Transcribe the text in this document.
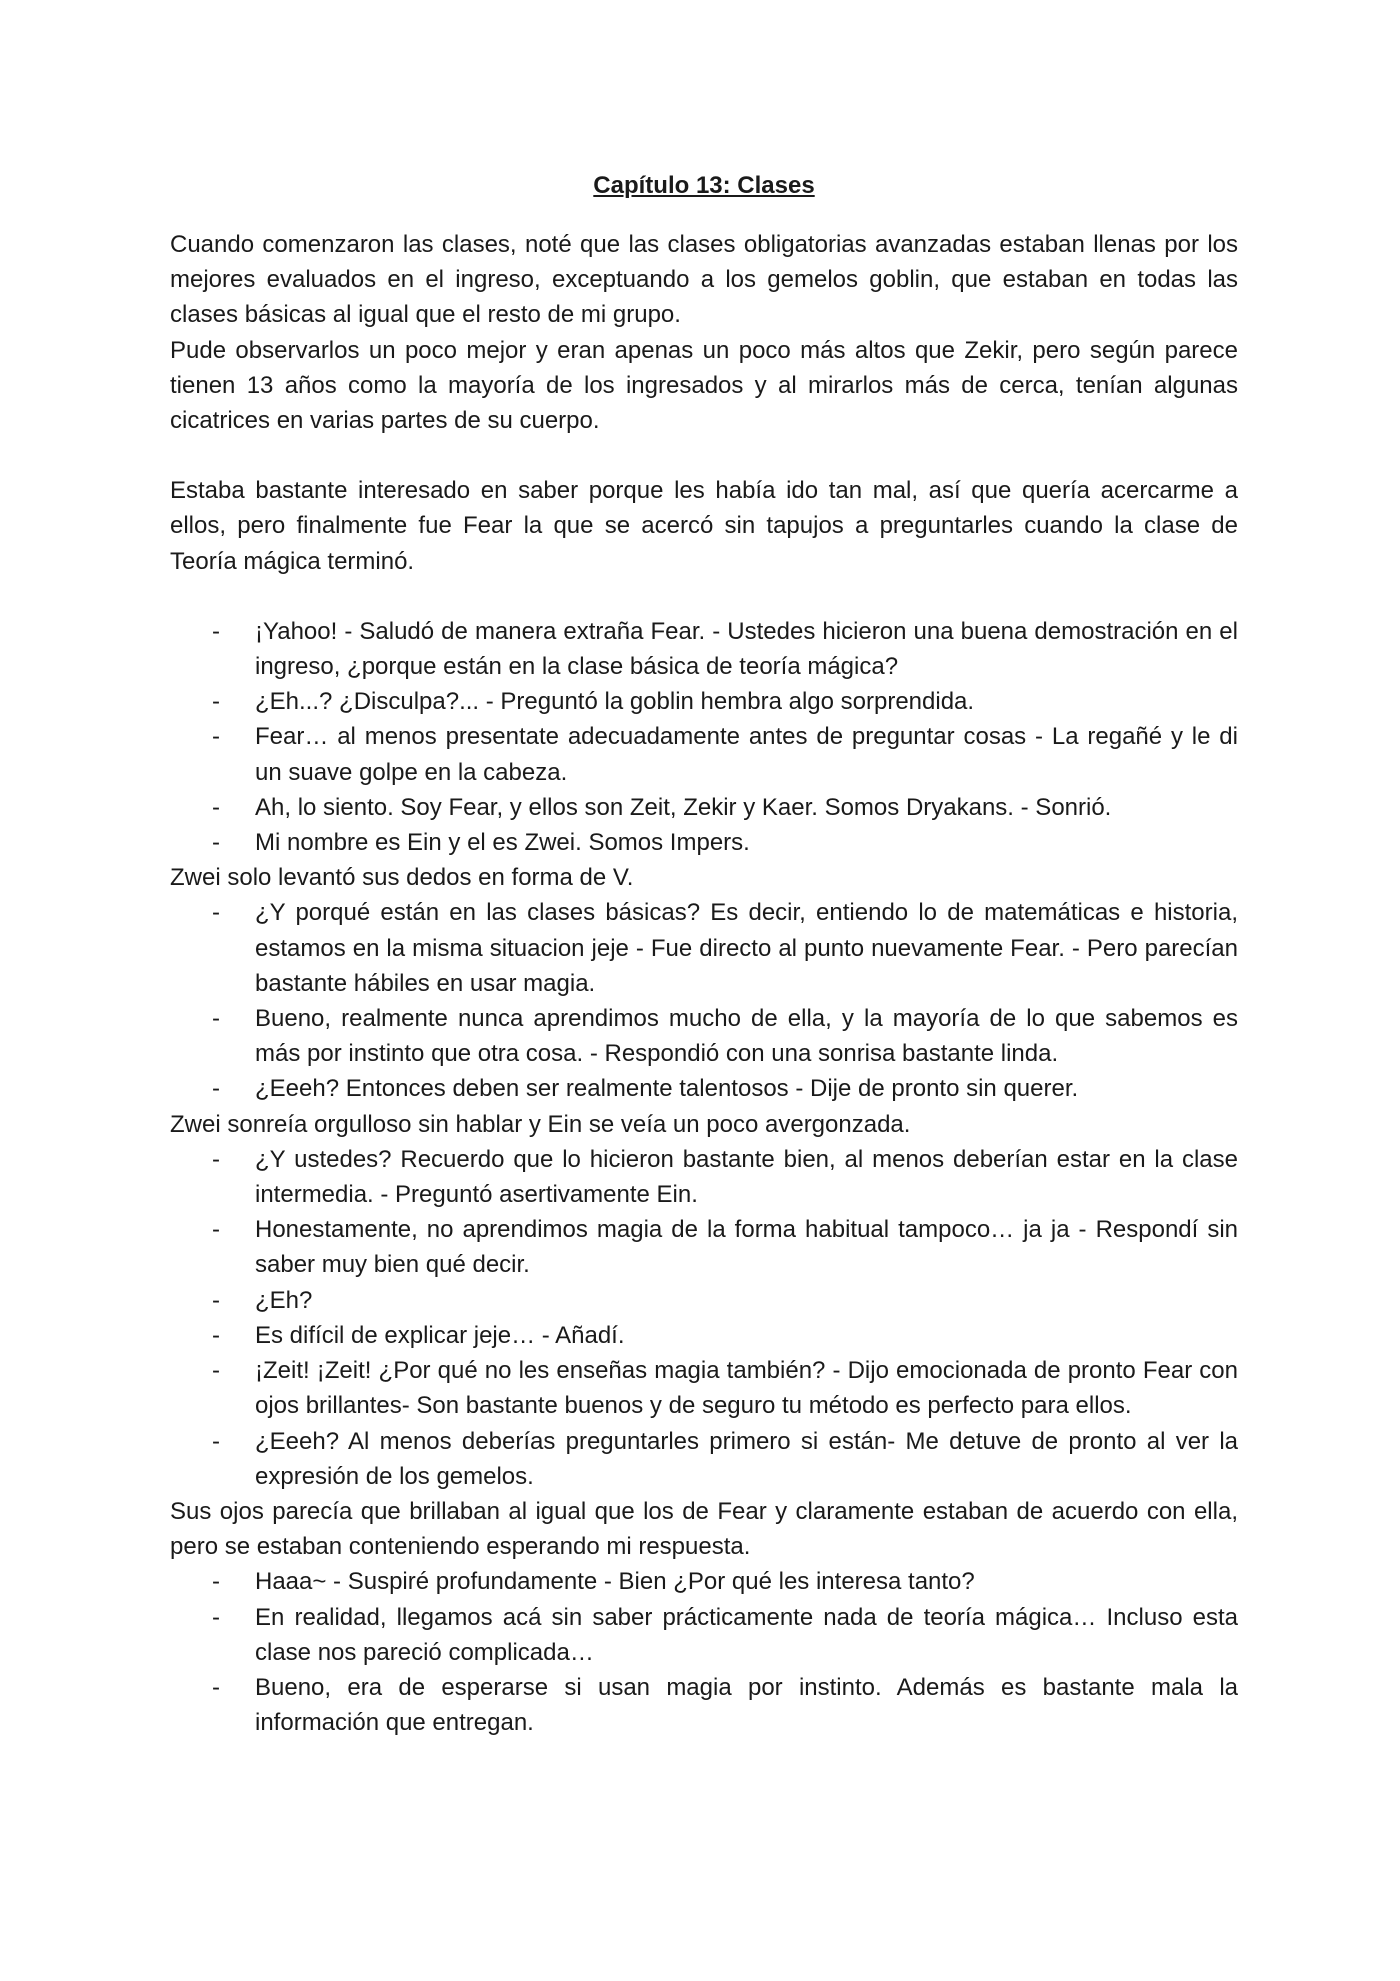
Capítulo 13: Clases

Cuando comenzaron las clases, noté que las clases obligatorias avanzadas estaban llenas por los mejores evaluados en el ingreso, exceptuando a los gemelos goblin, que estaban en todas las clases básicas al igual que el resto de mi grupo.

Pude observarlos un poco mejor y eran apenas un poco más altos que Zekir, pero según parece tienen 13 años como la mayoría de los ingresados y al mirarlos más de cerca, tenían algunas cicatrices en varias partes de su cuerpo.

Estaba bastante interesado en saber porque les había ido tan mal, así que quería acercarme a ellos, pero finalmente fue Fear la que se acercó sin tapujos a preguntarles cuando la clase de Teoría mágica terminó.

- ¡Yahoo! - Saludó de manera extraña Fear. - Ustedes hicieron una buena demostración en el ingreso, ¿porque están en la clase básica de teoría mágica?
- ¿Eh...? ¿Disculpa?... - Preguntó la goblin hembra algo sorprendida.
- Fear… al menos presentate adecuadamente antes de preguntar cosas - La regañé y le di un suave golpe en la cabeza.
- Ah, lo siento. Soy Fear, y ellos son Zeit, Zekir y Kaer. Somos Dryakans. - Sonrió.
- Mi nombre es Ein y el es Zwei. Somos Impers.

Zwei solo levantó sus dedos en forma de V.

- ¿Y porqué están en las clases básicas? Es decir, entiendo lo de matemáticas e historia, estamos en la misma situacion jeje - Fue directo al punto nuevamente Fear. - Pero parecían bastante hábiles en usar magia.
- Bueno, realmente nunca aprendimos mucho de ella, y la mayoría de lo que sabemos es más por instinto que otra cosa. - Respondió con una sonrisa bastante linda.
- ¿Eeeh? Entonces deben ser realmente talentosos - Dije de pronto sin querer.

Zwei sonreía orgulloso sin hablar y Ein se veía un poco avergonzada.

- ¿Y ustedes? Recuerdo que lo hicieron bastante bien, al menos deberían estar en la clase intermedia. - Preguntó asertivamente Ein.
- Honestamente, no aprendimos magia de la forma habitual tampoco… ja ja - Respondí sin saber muy bien qué decir.
- ¿Eh?
- Es difícil de explicar jeje… - Añadí.
- ¡Zeit! ¡Zeit! ¿Por qué no les enseñas magia también? - Dijo emocionada de pronto Fear con ojos brillantes- Son bastante buenos y de seguro tu método es perfecto para ellos.
- ¿Eeeh? Al menos deberías preguntarles primero si están- Me detuve de pronto al ver la expresión de los gemelos.

Sus ojos parecía que brillaban al igual que los de Fear y claramente estaban de acuerdo con ella, pero se estaban conteniendo esperando mi respuesta.

- Haaa~ - Suspiré profundamente - Bien ¿Por qué les interesa tanto?
- En realidad, llegamos acá sin saber prácticamente nada de teoría mágica… Incluso esta clase nos pareció complicada…
- Bueno, era de esperarse si usan magia por instinto. Además es bastante mala la información que entregan.
